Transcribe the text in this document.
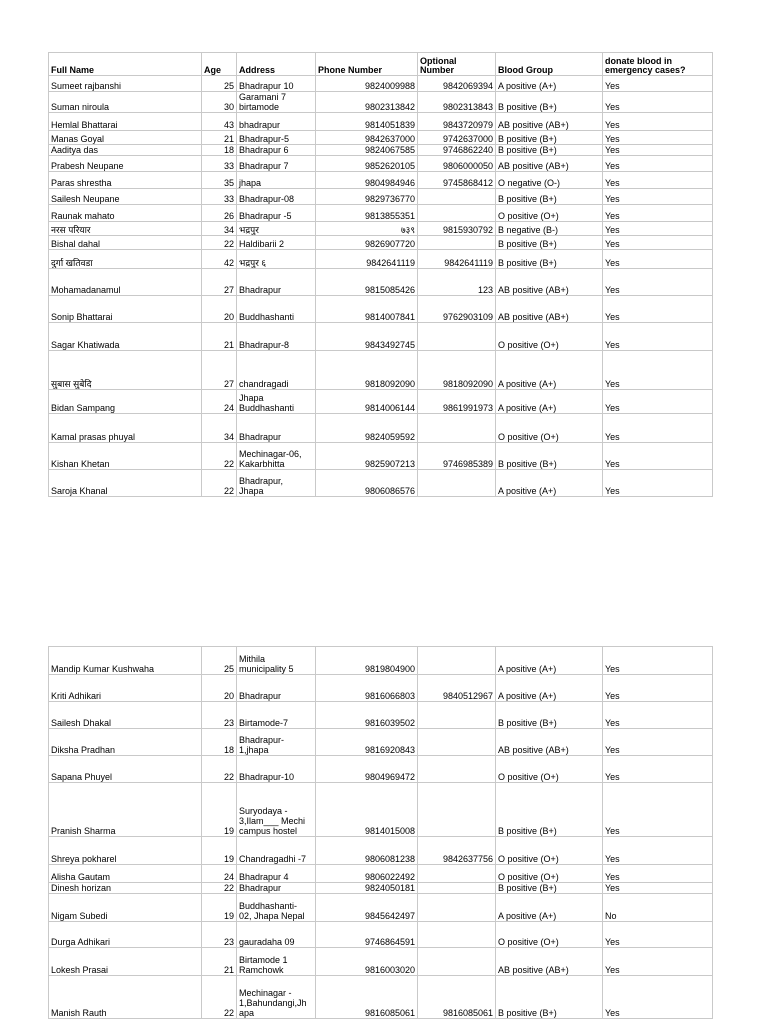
Full Name	Age	Address	Phone Number	Optional
Number	Blood Group	donate blood in
emergency cases?
Sumeet rajbanshi	25	Bhadrapur 10	9824009988	9842069394	A positive (A+)	Yes
Suman niroula	30	Garamani 7
birtamode	9802313842	9802313843	B positive (B+)	Yes
Hemlal Bhattarai	43	bhadrapur	9814051839	9843720979	AB positive (AB+)	Yes
Manas Goyal	21	Bhadrapur-5	9842637000	9742637000	B positive (B+)	Yes
Aaditya das	18	Bhadrapur 6	9824067585	9746862240	B positive (B+)	Yes
Prabesh Neupane	33	Bhadrapur 7	9852620105	9806000050	AB positive (AB+)	Yes
Paras shrestha	35	jhapa	9804984946	9745868412	O negative (O-)	Yes
Sailesh Neupane	33	Bhadrapur-08	9829736770		B positive (B+)	Yes
Raunak mahato	26	Bhadrapur -5	9813855351		O positive (O+)	Yes
नरस परियार	34	भद्रपुर	७३९	9815930792	B negative (B-)	Yes
Bishal dahal	22	Haldibarii 2	9826907720		B positive (B+)	Yes
दुर्गा खतिवडा	42	भद्रपुर ६	9842641119	9842641119	B positive (B+)	Yes
Mohamadanamul	27	Bhadrapur	9815085426	123	AB positive (AB+)	Yes
Sonip Bhattarai	20	Buddhashanti	9814007841	9762903109	AB positive (AB+)	Yes
Sagar Khatiwada	21	Bhadrapur-8	9843492745		O positive (O+)	Yes
सुबास सुबेदि	27	chandragadi	9818092090	9818092090	A positive (A+)	Yes
Bidan Sampang	24	Jhapa
Buddhashanti	9814006144	9861991973	A positive (A+)	Yes
Kamal prasas phuyal	34	Bhadrapur	9824059592		O positive (O+)	Yes
Kishan Khetan	22	Mechinagar-06,
Kakarbhitta	9825907213	9746985389	B positive (B+)	Yes
Saroja Khanal	22	Bhadrapur,
Jhapa	9806086576		A positive (A+)	Yes
Mandip Kumar Kushwaha	25	Mithila
municipality 5	9819804900		A positive (A+)	Yes
Kriti Adhikari	20	Bhadrapur	9816066803	9840512967	A positive (A+)	Yes
Sailesh Dhakal	23	Birtamode-7	9816039502		B positive (B+)	Yes
Diksha Pradhan	18	Bhadrapur-
1,jhapa	9816920843		AB positive (AB+)	Yes
Sapana Phuyel	22	Bhadrapur-10	9804969472		O positive (O+)	Yes
Pranish Sharma	19	Suryodaya -
3,Ilam___ Mechi
campus hostel	9814015008		B positive (B+)	Yes
Shreya pokharel	19	Chandragadhi -7	9806081238	9842637756	O positive (O+)	Yes
Alisha Gautam	24	Bhadrapur 4	9806022492		O positive (O+)	Yes
Dinesh horizan	22	Bhadrapur	9824050181		B positive (B+)	Yes
Nigam Subedi	19	Buddhashanti-
02, Jhapa Nepal	9845642497		A positive (A+)	No
Durga Adhikari	23	gauradaha 09	9746864591		O positive (O+)	Yes
Lokesh Prasai	21	Birtamode 1
Ramchowk	9816003020		AB positive (AB+)	Yes
Manish Rauth	22	Mechinagar -
1,Bahundangi,Jh
apa	9816085061	9816085061	B positive (B+)	Yes
